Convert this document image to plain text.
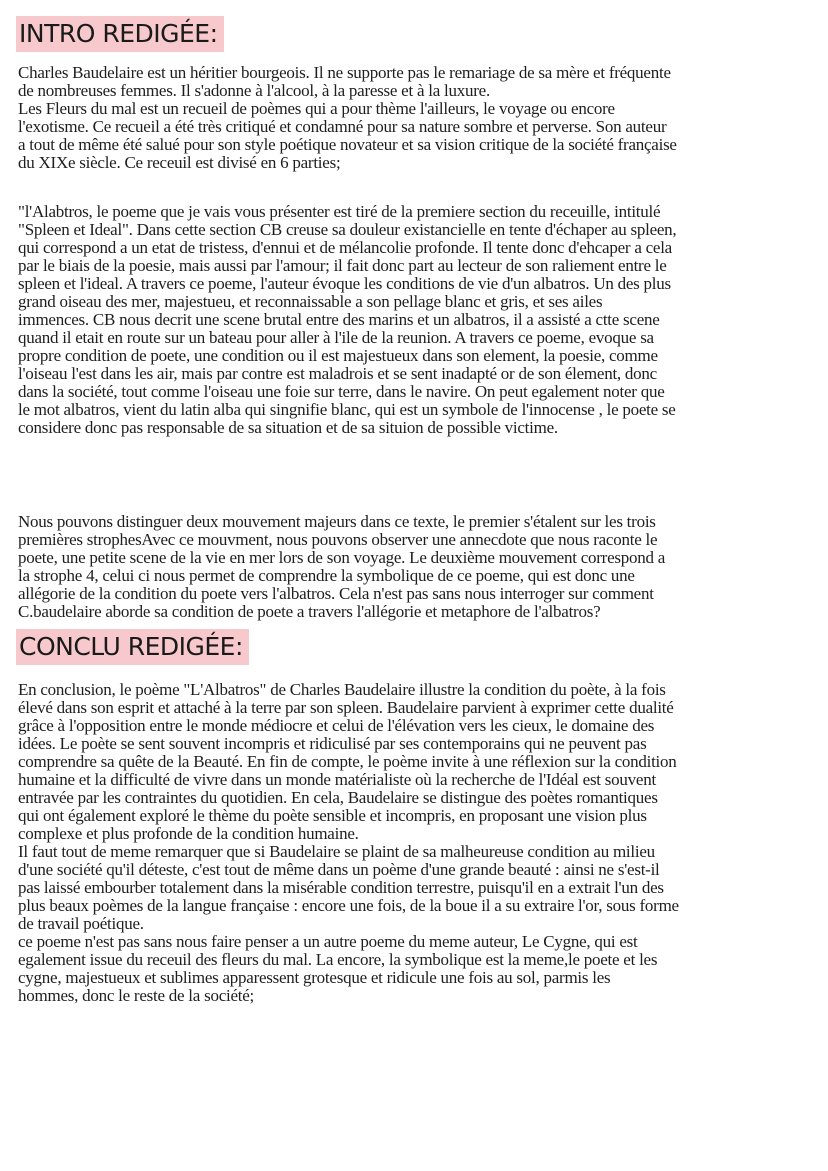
INTRO REDIGÉE:
Charles Baudelaire est un héritier bourgeois. Il ne supporte pas le remariage de sa mère et fréquente
de nombreuses femmes. Il s'adonne à l'alcool, à la paresse et à la luxure.
Les Fleurs du mal est un recueil de poèmes qui a pour thème l'ailleurs, le voyage ou encore
l'exotisme. Ce recueil a été très critiqué et condamné pour sa nature sombre et perverse. Son auteur
a tout de même été salué pour son style poétique novateur et sa vision critique de la société française
du XIXe siècle. Ce receuil est divisé en 6 parties;
"l'Alabtros, le poeme que je vais vous présenter est tiré de la premiere section du receuille, intitulé
"Spleen et Ideal". Dans cette section CB creuse sa douleur existancielle en tente d'échaper au spleen,
qui correspond a un etat de tristess, d'ennui et de mélancolie profonde. Il tente donc d'ehcaper a cela
par le biais de la poesie, mais aussi par l'amour; il fait donc part au lecteur de son raliement entre le
spleen et l'ideal. A travers ce poeme, l'auteur évoque les conditions de vie d'un albatros. Un des plus
grand oiseau des mer, majestueu, et reconnaissable a son pellage blanc et gris, et ses ailes
immences. CB nous decrit une scene brutal entre des marins et un albatros, il a assisté a ctte scene
quand il etait en route sur un bateau pour aller à l'ile de la reunion. A travers ce poeme, evoque sa
propre condition de poete, une condition ou il est majestueux dans son element, la poesie, comme
l'oiseau l'est dans les air, mais par contre est maladrois et se sent inadapté or de son élement, donc
dans la société, tout comme l'oiseau une foie sur terre, dans le navire. On peut egalement noter que
le mot albatros, vient du latin alba qui singnifie blanc, qui est un symbole de l'innocense , le poete se
considere donc pas responsable de sa situation et de sa situion de possible victime.
Nous pouvons distinguer deux mouvement majeurs dans ce texte, le premier s'étalent sur les trois
premières strophesAvec ce mouvment, nous pouvons observer une annecdote que nous raconte le
poete, une petite scene de la vie en mer lors de son voyage. Le deuxième mouvement correspond a
la strophe 4, celui ci nous permet de comprendre la symbolique de ce poeme, qui est donc une
allégorie de la condition du poete vers l'albatros. Cela n'est pas sans nous interroger sur comment
C.baudelaire aborde sa condition de poete a travers l'allégorie et metaphore de l'albatros?
CONCLU REDIGÉE:
En conclusion, le poème "L'Albatros" de Charles Baudelaire illustre la condition du poète, à la fois
élevé dans son esprit et attaché à la terre par son spleen. Baudelaire parvient à exprimer cette dualité
grâce à l'opposition entre le monde médiocre et celui de l'élévation vers les cieux, le domaine des
idées. Le poète se sent souvent incompris et ridiculisé par ses contemporains qui ne peuvent pas
comprendre sa quête de la Beauté. En fin de compte, le poème invite à une réflexion sur la condition
humaine et la difficulté de vivre dans un monde matérialiste où la recherche de l'Idéal est souvent
entravée par les contraintes du quotidien. En cela, Baudelaire se distingue des poètes romantiques
qui ont également exploré le thème du poète sensible et incompris, en proposant une vision plus
complexe et plus profonde de la condition humaine.
Il faut tout de meme remarquer que si Baudelaire se plaint de sa malheureuse condition au milieu
d'une société qu'il déteste, c'est tout de même dans un poème d'une grande beauté : ainsi ne s'est-il
pas laissé embourber totalement dans la misérable condition terrestre, puisqu'il en a extrait l'un des
plus beaux poèmes de la langue française : encore une fois, de la boue il a su extraire l'or, sous forme
de travail poétique.
ce poeme n'est pas sans nous faire penser a un autre poeme du meme auteur, Le Cygne, qui est
egalement issue du receuil des fleurs du mal. La encore, la symbolique est la meme,le poete et les
cygne, majestueux et sublimes apparessent grotesque et ridicule une fois au sol, parmis les
hommes, donc le reste de la société;
